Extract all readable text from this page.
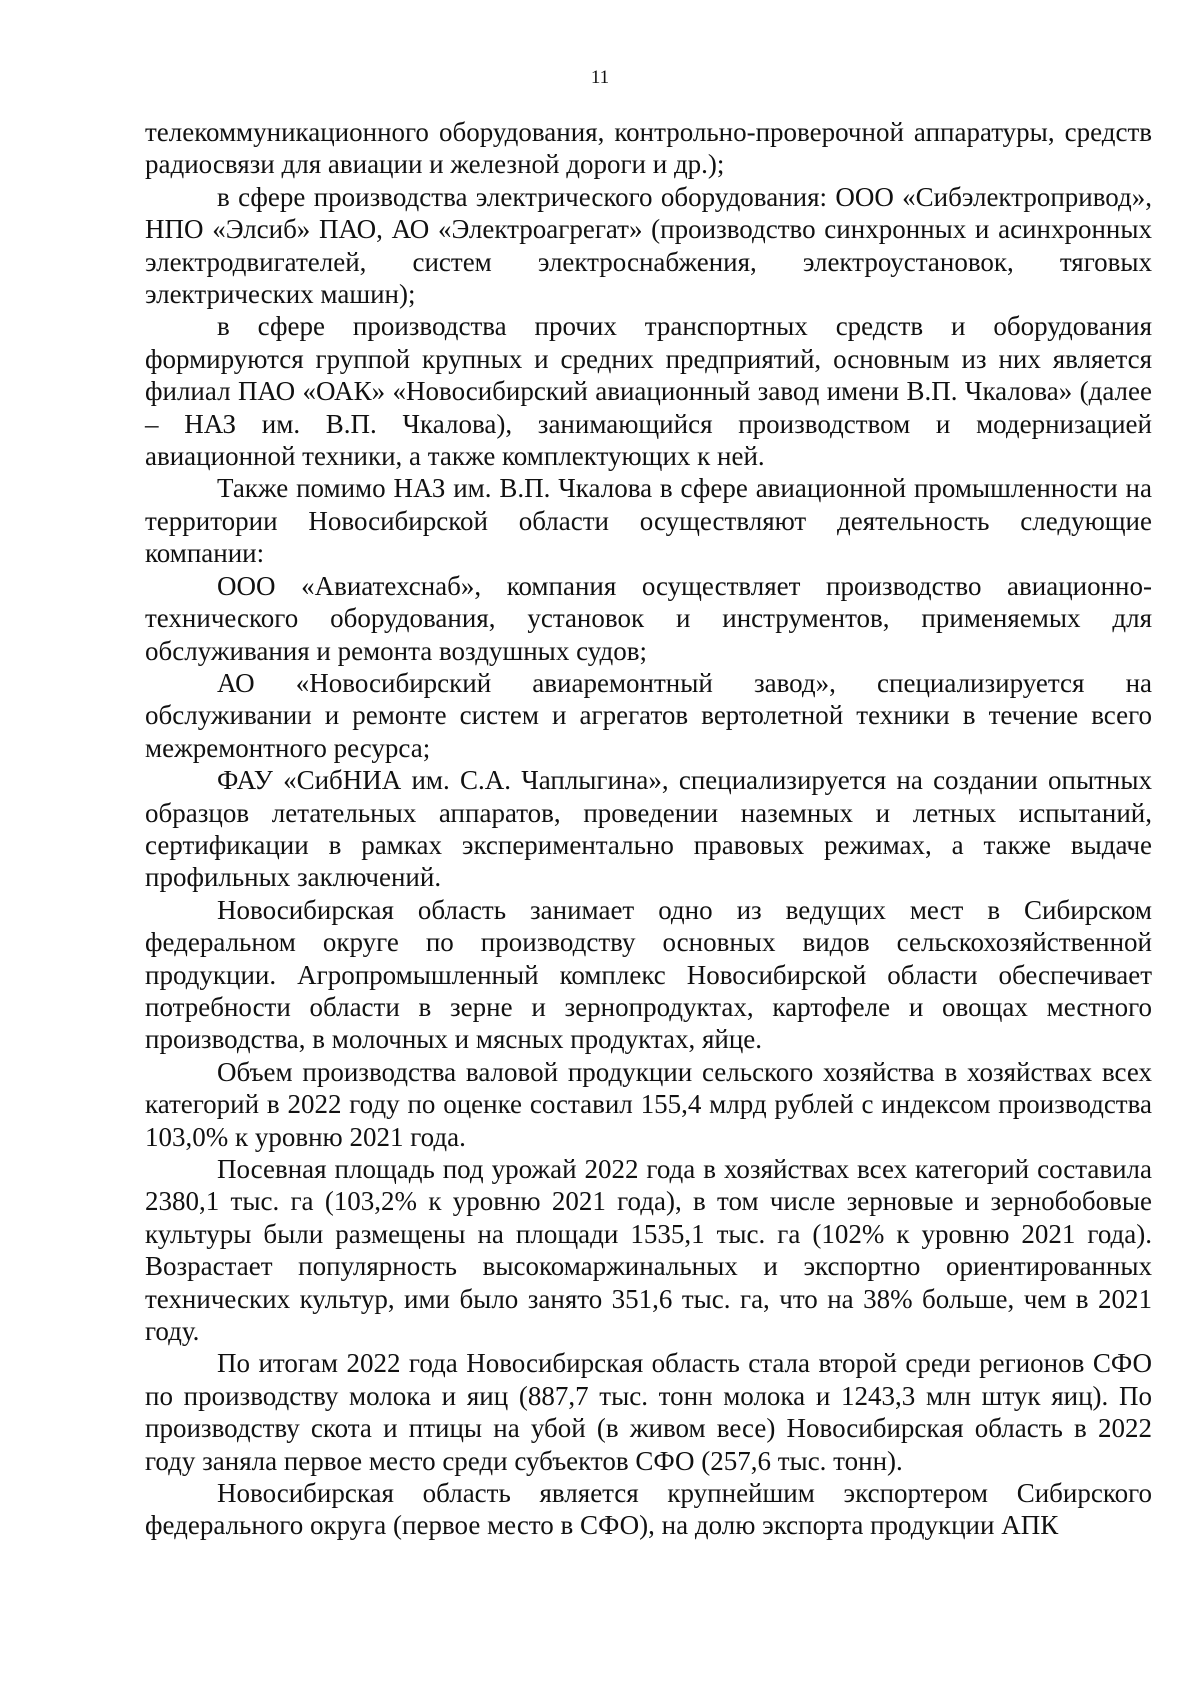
11

телекоммуникационного оборудования, контрольно-проверочной аппаратуры, средств радиосвязи для авиации и железной дороги и др.);

в сфере производства электрического оборудования: ООО «Сибэлектропривод», НПО «Элсиб» ПАО, АО «Электроагрегат» (производство синхронных и асинхронных электродвигателей, систем электроснабжения, электроустановок, тяговых электрических машин);

в сфере производства прочих транспортных средств и оборудования формируются группой крупных и средних предприятий, основным из них является филиал ПАО «ОАК» «Новосибирский авиационный завод имени В.П. Чкалова» (далее – НАЗ им. В.П. Чкалова), занимающийся производством и модернизацией авиационной техники, а также комплектующих к ней.

Также помимо НАЗ им. В.П. Чкалова в сфере авиационной промышленности на территории Новосибирской области осуществляют деятельность следующие компании:

ООО «Авиатехснаб», компания осуществляет производство авиационно-технического оборудования, установок и инструментов, применяемых для обслуживания и ремонта воздушных судов;

АО «Новосибирский авиаремонтный завод», специализируется на обслуживании и ремонте систем и агрегатов вертолетной техники в течение всего межремонтного ресурса;

ФАУ «СибНИА им. С.А. Чаплыгина», специализируется на создании опытных образцов летательных аппаратов, проведении наземных и летных испытаний, сертификации в рамках экспериментально правовых режимах, а также выдаче профильных заключений.

Новосибирская область занимает одно из ведущих мест в Сибирском федеральном округе по производству основных видов сельскохозяйственной продукции. Агропромышленный комплекс Новосибирской области обеспечивает потребности области в зерне и зернопродуктах, картофеле и овощах местного производства, в молочных и мясных продуктах, яйце.

Объем производства валовой продукции сельского хозяйства в хозяйствах всех категорий в 2022 году по оценке составил 155,4 млрд рублей с индексом производства 103,0% к уровню 2021 года.

Посевная площадь под урожай 2022 года в хозяйствах всех категорий составила 2380,1 тыс. га (103,2% к уровню 2021 года), в том числе зерновые и зернобобовые культуры были размещены на площади 1535,1 тыс. га (102% к уровню 2021 года). Возрастает популярность высокомаржинальных и экспортно ориентированных технических культур, ими было занято 351,6 тыс. га, что на 38% больше, чем в 2021 году.

По итогам 2022 года Новосибирская область стала второй среди регионов СФО по производству молока и яиц (887,7 тыс. тонн молока и 1243,3 млн штук яиц). По производству скота и птицы на убой (в живом весе) Новосибирская область в 2022 году заняла первое место среди субъектов СФО (257,6 тыс. тонн).

Новосибирская область является крупнейшим экспортером Сибирского федерального округа (первое место в СФО), на долю экспорта продукции АПК
